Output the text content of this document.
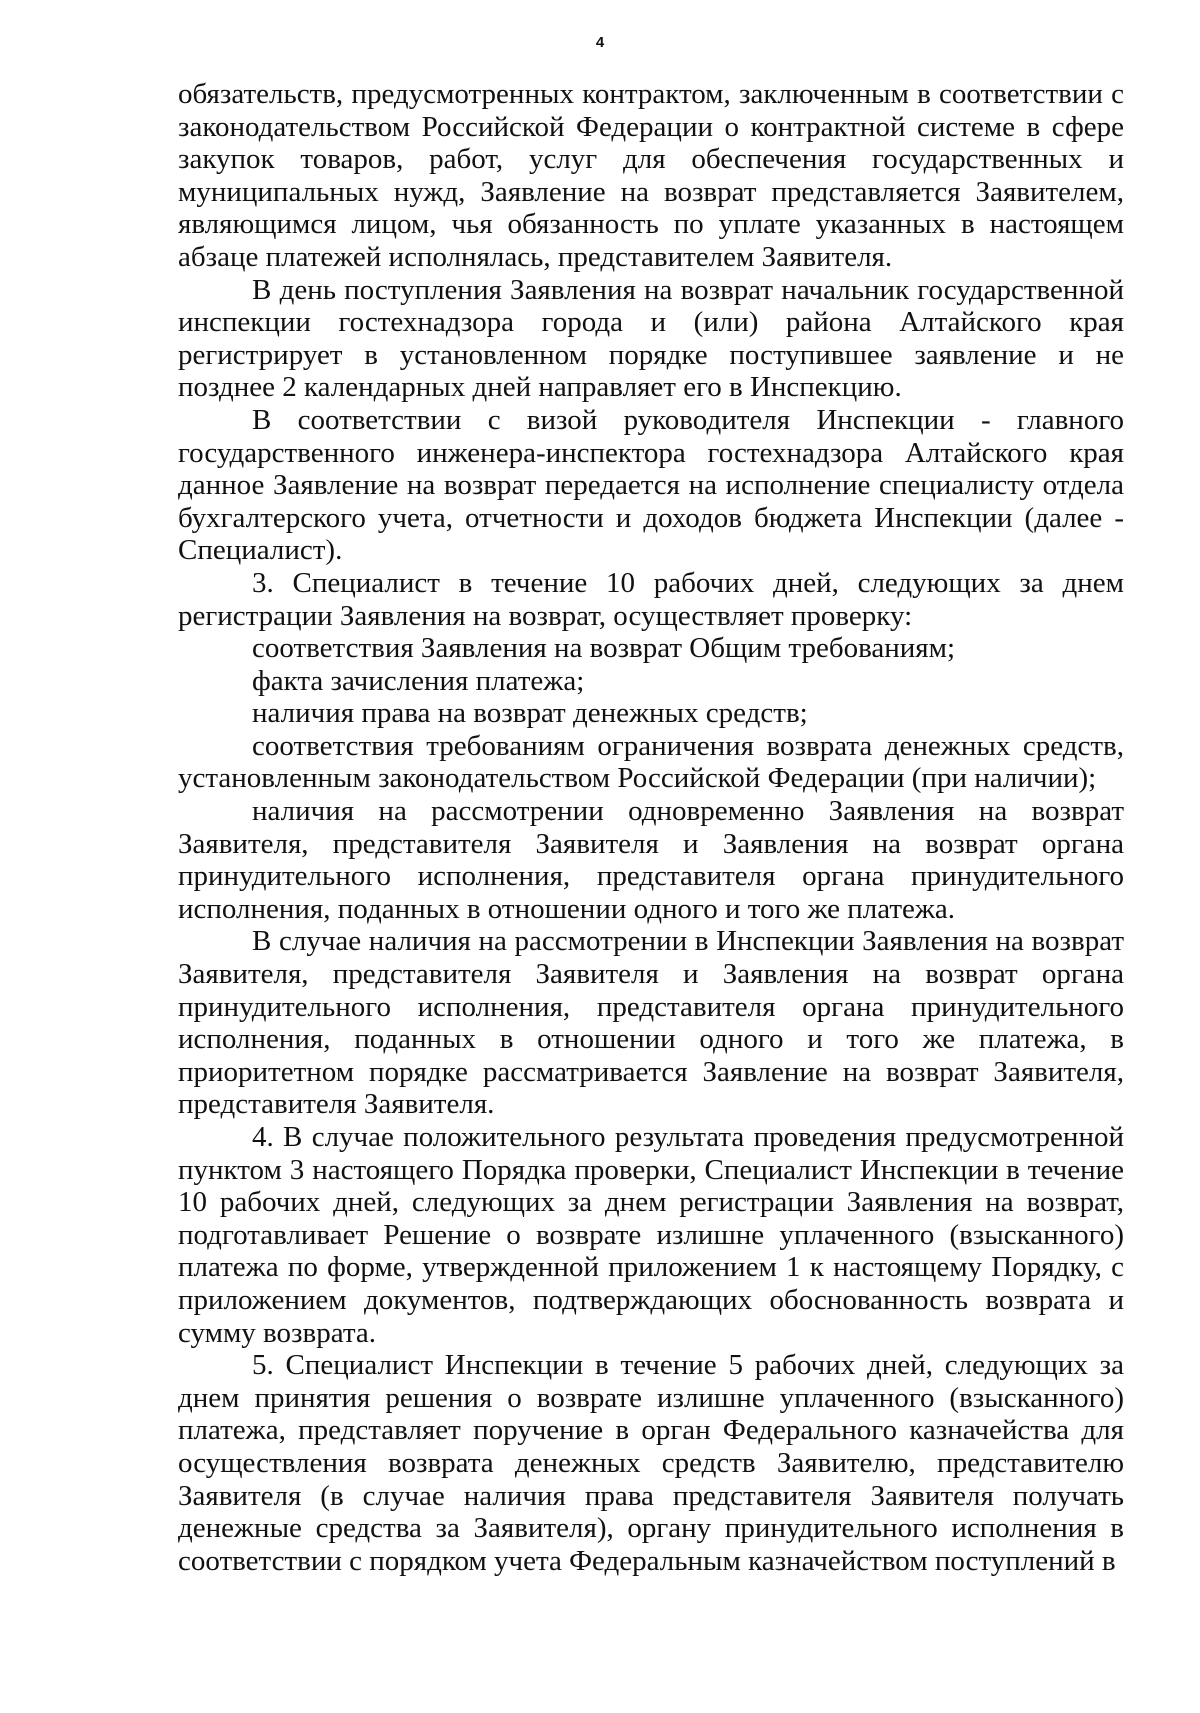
4

обязательств, предусмотренных контрактом, заключенным в соответствии с законодательством Российской Федерации о контрактной системе в сфере закупок товаров, работ, услуг для обеспечения государственных и муниципальных нужд, Заявление на возврат представляется Заявителем, являющимся лицом, чья обязанность по уплате указанных в настоящем абзаце платежей исполнялась, представителем Заявителя.

В день поступления Заявления на возврат начальник государственной инспекции гостехнадзора города и (или) района Алтайского края регистрирует в установленном порядке поступившее заявление и не позднее 2 календарных дней направляет его в Инспекцию.

В соответствии с визой руководителя Инспекции - главного государственного инженера-инспектора гостехнадзора Алтайского края данное Заявление на возврат передается на исполнение специалисту отдела бухгалтерского учета, отчетности и доходов бюджета Инспекции (далее - Специалист).

3. Специалист в течение 10 рабочих дней, следующих за днем регистрации Заявления на возврат, осуществляет проверку:

соответствия Заявления на возврат Общим требованиям;

факта зачисления платежа;

наличия права на возврат денежных средств;

соответствия требованиям ограничения возврата денежных средств, установленным законодательством Российской Федерации (при наличии);

наличия на рассмотрении одновременно Заявления на возврат Заявителя, представителя Заявителя и Заявления на возврат органа принудительного исполнения, представителя органа принудительного исполнения, поданных в отношении одного и того же платежа.

В случае наличия на рассмотрении в Инспекции Заявления на возврат Заявителя, представителя Заявителя и Заявления на возврат органа принудительного исполнения, представителя органа принудительного исполнения, поданных в отношении одного и того же платежа, в приоритетном порядке рассматривается Заявление на возврат Заявителя, представителя Заявителя.

4. В случае положительного результата проведения предусмотренной пунктом 3 настоящего Порядка проверки, Специалист Инспекции в течение 10 рабочих дней, следующих за днем регистрации Заявления на возврат, подготавливает Решение о возврате излишне уплаченного (взысканного) платежа по форме, утвержденной приложением 1 к настоящему Порядку, с приложением документов, подтверждающих обоснованность возврата и сумму возврата.

5. Специалист Инспекции в течение 5 рабочих дней, следующих за днем принятия решения о возврате излишне уплаченного (взысканного) платежа, представляет поручение в орган Федерального казначейства для осуществления возврата денежных средств Заявителю, представителю Заявителя (в случае наличия права представителя Заявителя получать денежные средства за Заявителя), органу принудительного исполнения в соответствии с порядком учета Федеральным казначейством поступлений в
